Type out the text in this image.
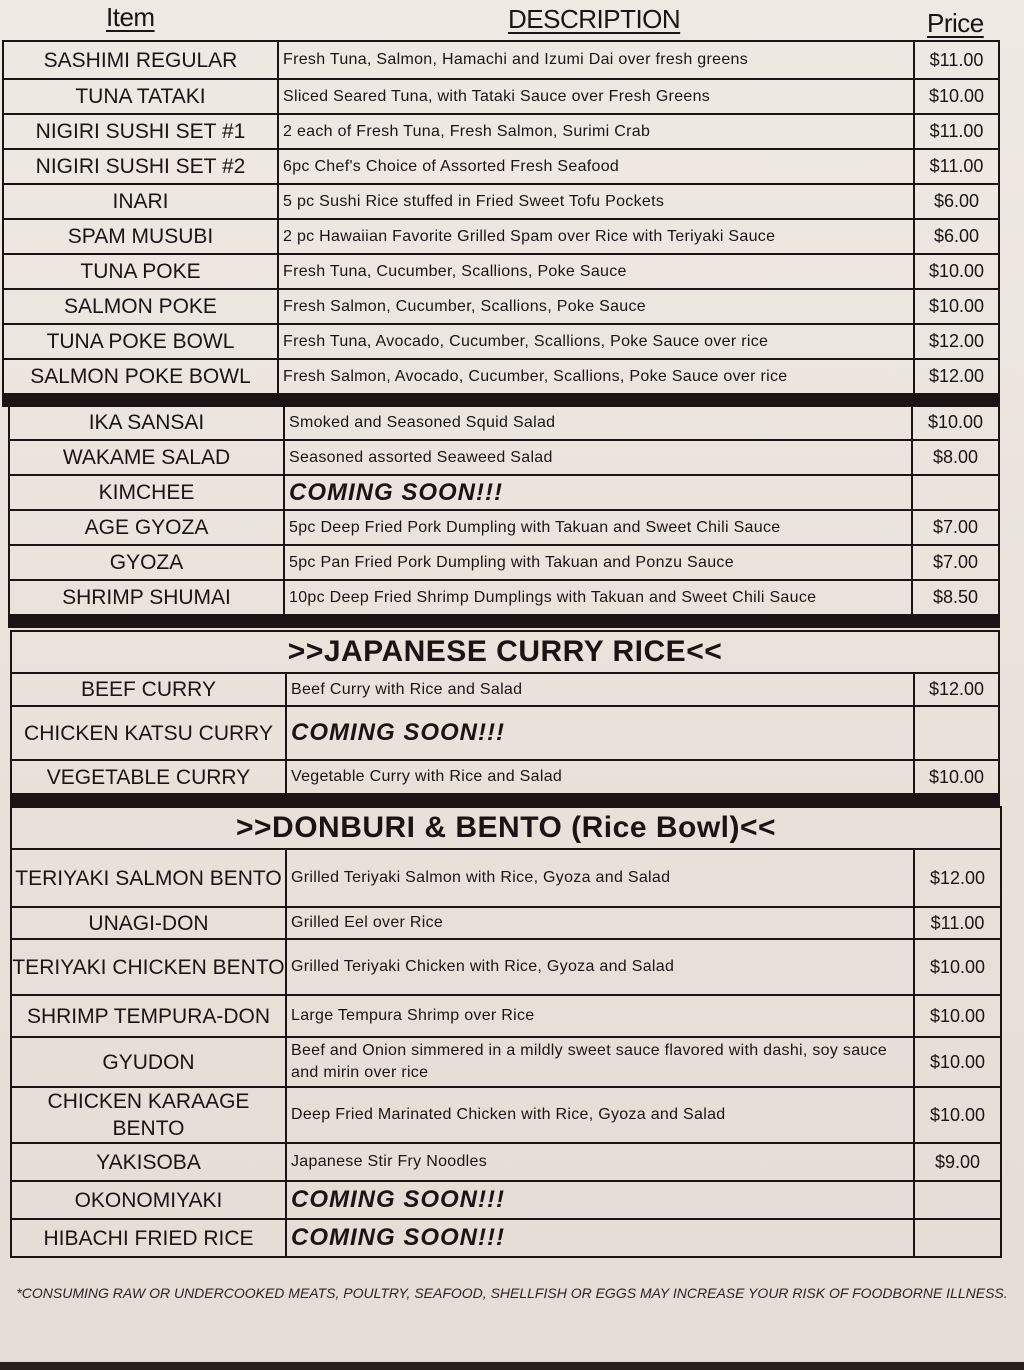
Item	DESCRIPTION	Price
SASHIMI REGULAR	Fresh Tuna, Salmon, Hamachi and Izumi Dai over fresh greens	$11.00
TUNA TATAKI	Sliced Seared Tuna, with Tataki Sauce over Fresh Greens	$10.00
NIGIRI SUSHI SET #1	2 each of Fresh Tuna, Fresh Salmon, Surimi Crab	$11.00
NIGIRI SUSHI SET #2	6pc Chef's Choice of Assorted Fresh Seafood	$11.00
INARI	5 pc Sushi Rice stuffed in Fried Sweet Tofu Pockets	$6.00
SPAM MUSUBI	2 pc Hawaiian Favorite Grilled Spam over Rice with Teriyaki Sauce	$6.00
TUNA POKE	Fresh Tuna, Cucumber, Scallions, Poke Sauce	$10.00
SALMON POKE	Fresh Salmon, Cucumber, Scallions, Poke Sauce	$10.00
TUNA POKE BOWL	Fresh Tuna, Avocado, Cucumber, Scallions, Poke Sauce over rice	$12.00
SALMON POKE BOWL	Fresh Salmon, Avocado, Cucumber, Scallions, Poke Sauce over rice	$12.00

IKA SANSAI	Smoked and Seasoned Squid Salad	$10.00
WAKAME SALAD	Seasoned assorted Seaweed Salad	$8.00
KIMCHEE	COMING SOON!!!	
AGE GYOZA	5pc Deep Fried Pork Dumpling with Takuan and Sweet Chili Sauce	$7.00
GYOZA	5pc Pan Fried Pork Dumpling with Takuan and Ponzu Sauce	$7.00
SHRIMP SHUMAI	10pc Deep Fried Shrimp Dumplings with Takuan and Sweet Chili Sauce	$8.50

>>JAPANESE CURRY RICE<<		
BEEF CURRY	Beef Curry with Rice and Salad	$12.00
CHICKEN KATSU CURRY	COMING SOON!!!	
VEGETABLE CURRY	Vegetable Curry with Rice and Salad	$10.00

>>DONBURI & BENTO (Rice Bowl)<<		
TERIYAKI SALMON BENTO	Grilled Teriyaki Salmon with Rice, Gyoza and Salad	$12.00
UNAGI-DON	Grilled Eel over Rice	$11.00
TERIYAKI CHICKEN BENTO	Grilled Teriyaki Chicken with Rice, Gyoza and Salad	$10.00
SHRIMP TEMPURA-DON	Large Tempura Shrimp over Rice	$10.00
GYUDON	Beef and Onion simmered in a mildly sweet sauce flavored with dashi, soy sauce and mirin over rice	$10.00
CHICKEN KARAAGE BENTO	Deep Fried Marinated Chicken with Rice, Gyoza and Salad	$10.00
YAKISOBA	Japanese Stir Fry Noodles	$9.00
OKONOMIYAKI	COMING SOON!!!	
HIBACHI FRIED RICE	COMING SOON!!!	
*CONSUMING RAW OR UNDERCOOKED MEATS, POULTRY, SEAFOOD, SHELLFISH OR EGGS MAY INCREASE YOUR RISK OF FOODBORNE ILLNESS.
